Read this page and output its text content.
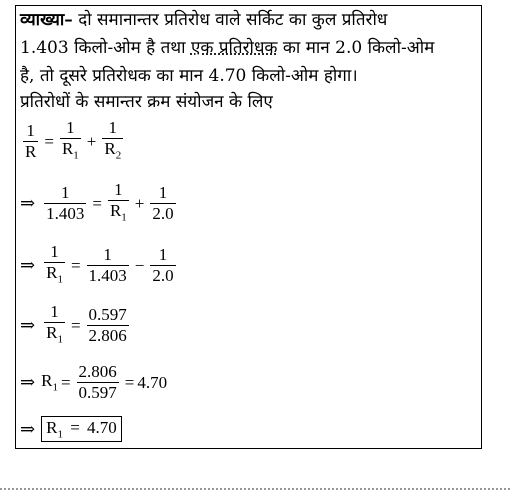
व्याख्या– दो समानान्तर प्रतिरोध वाले सर्किट का कुल प्रतिरोध
1.403 किलो-ओम है तथा एक प्रतिरोधक का मान 2.0 किलो-ओम
है, तो दूसरे प्रतिरोधक का मान 4.70 किलो-ओम होगा।
प्रतिरोधों के समान्तर क्रम संयोजन के लिए
$\frac{1}{R} = \frac{1}{R_1} + \frac{1}{R_2}$
⇒ $\frac{1}{1.403} = \frac{1}{R_1} + \frac{1}{2.0}$
⇒ $\frac{1}{R_1} = \frac{1}{1.403} - \frac{1}{2.0}$
⇒ $\frac{1}{R_1} = \frac{0.597}{2.806}$
⇒ $R_1 = \frac{2.806}{0.597} = 4.70$
⇒ $R_1 = 4.70$
